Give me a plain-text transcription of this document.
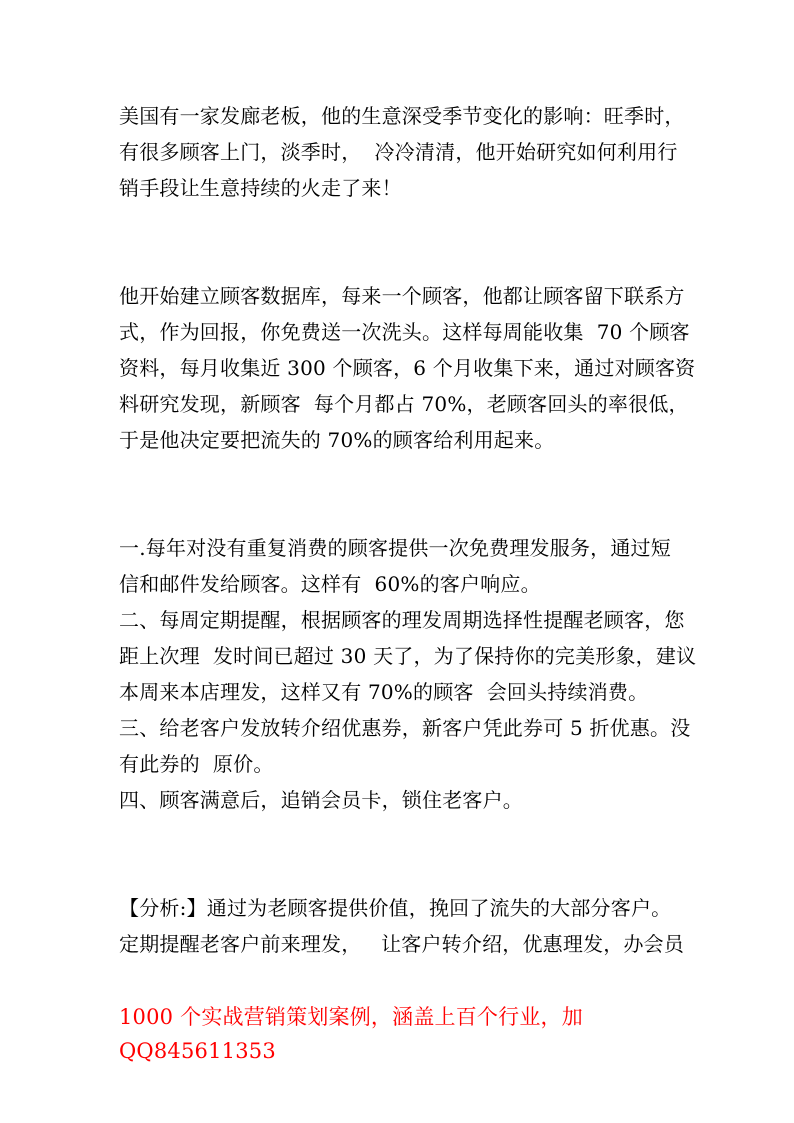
美国有一家发廊老板，他的生意深受季节变化的影响：旺季时，
有很多顾客上门，淡季时，  冷冷清清，他开始研究如何利用行
销手段让生意持续的火走了来！
他开始建立顾客数据库，每来一个顾客，他都让顾客留下联系方
式，作为回报，你免费送一次洗头。这样每周能收集  70 个顾客
资料，每月收集近 300 个顾客，6 个月收集下来，通过对顾客资
料研究发现，新顾客  每个月都占 70%，老顾客回头的率很低，
于是他决定要把流失的 70%的顾客给利用起来。
一.每年对没有重复消费的顾客提供一次免费理发服务，通过短
信和邮件发给顾客。这样有  60%的客户响应。
二、每周定期提醒，根据顾客的理发周期选择性提醒老顾客，您
距上次理  发时间已超过 30 天了，为了保持你的完美形象，建议
本周来本店理发，这样又有 70%的顾客  会回头持续消费。
三、给老客户发放转介绍优惠券，新客户凭此券可 5 折优惠。没
有此券的  原价。
四、顾客满意后，追销会员卡，锁住老客户。
【分析:】通过为老顾客提供价值，挽回了流失的大部分客户。
定期提醒老客户前来理发，   让客户转介绍，优惠理发，办会员
1000 个实战营销策划案例，涵盖上百个行业，加
QQ845611353
